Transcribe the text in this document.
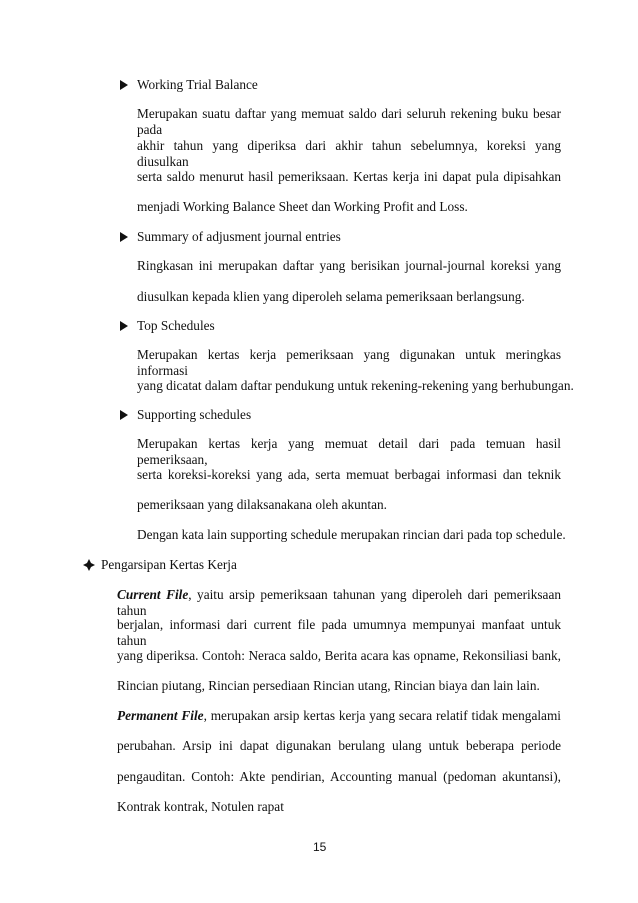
Working Trial Balance
Merupakan suatu daftar yang memuat saldo dari seluruh rekening buku besar pada
akhir tahun yang diperiksa dari akhir tahun sebelumnya, koreksi yang diusulkan
serta saldo menurut hasil pemeriksaan. Kertas kerja ini dapat pula dipisahkan
menjadi Working Balance Sheet dan Working Profit and Loss.
Summary of adjusment journal entries
Ringkasan ini merupakan daftar yang berisikan journal-journal koreksi yang
diusulkan kepada klien yang diperoleh selama pemeriksaan berlangsung.
Top Schedules
Merupakan kertas kerja pemeriksaan yang digunakan untuk meringkas informasi
yang dicatat dalam daftar pendukung untuk rekening-rekening yang berhubungan.
Supporting schedules
Merupakan kertas kerja yang memuat detail dari pada temuan hasil pemeriksaan,
serta koreksi-koreksi yang ada, serta memuat berbagai informasi dan teknik
pemeriksaan yang dilaksanakana oleh akuntan.
Dengan kata lain supporting schedule merupakan rincian dari pada top schedule.
Pengarsipan Kertas Kerja
Current File, yaitu arsip pemeriksaan tahunan yang diperoleh dari pemeriksaan tahun
berjalan, informasi dari current file pada umumnya mempunyai manfaat untuk tahun
yang diperiksa. Contoh: Neraca saldo, Berita acara kas opname, Rekonsiliasi bank,
Rincian piutang, Rincian persediaan Rincian utang, Rincian biaya dan lain lain.
Permanent File, merupakan arsip kertas kerja yang secara relatif tidak mengalami
perubahan. Arsip ini dapat digunakan berulang ulang untuk beberapa periode
pengauditan. Contoh: Akte pendirian, Accounting manual (pedoman akuntansi),
Kontrak kontrak, Notulen rapat
15
